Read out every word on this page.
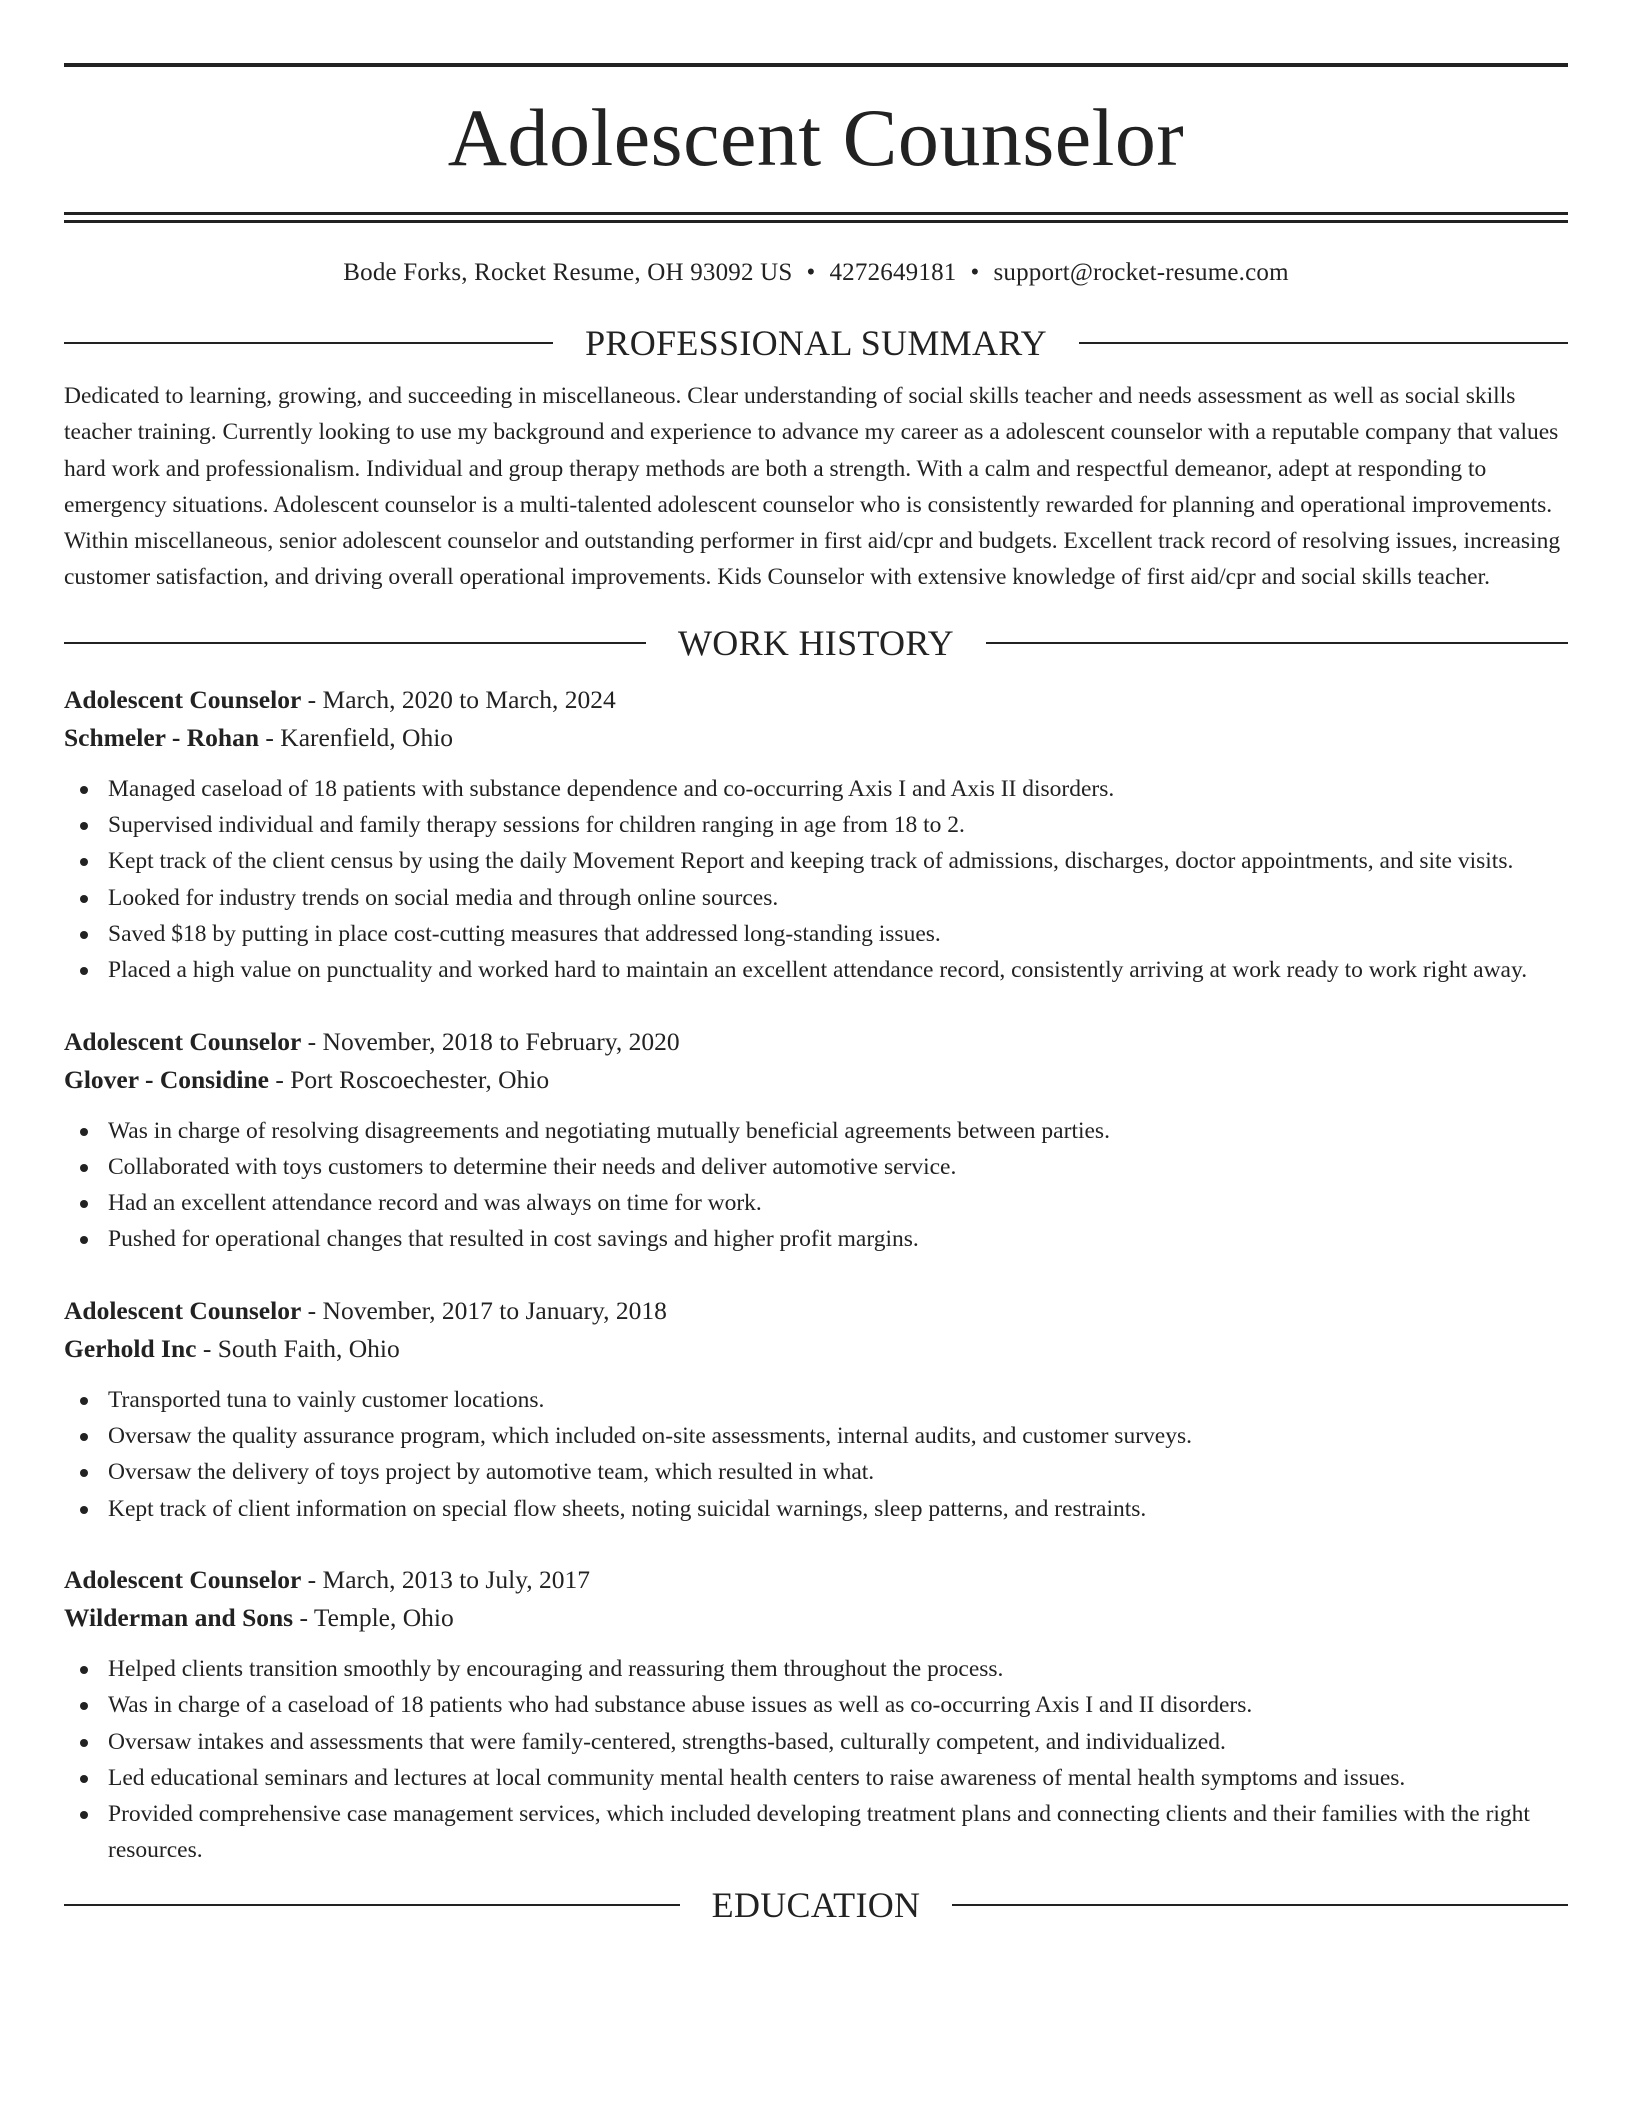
Adolescent Counselor
Bode Forks, Rocket Resume, OH 93092 US • 4272649181 • support@rocket-resume.com
PROFESSIONAL SUMMARY

Dedicated to learning, growing, and succeeding in miscellaneous. Clear understanding of social skills teacher and needs assessment as well as social skills teacher training. Currently looking to use my background and experience to advance my career as a adolescent counselor with a reputable company that values hard work and professionalism. Individual and group therapy methods are both a strength. With a calm and respectful demeanor, adept at responding to emergency situations. Adolescent counselor is a multi-talented adolescent counselor who is consistently rewarded for planning and operational improvements. Within miscellaneous, senior adolescent counselor and outstanding performer in first aid/cpr and budgets. Excellent track record of resolving issues, increasing customer satisfaction, and driving overall operational improvements. Kids Counselor with extensive knowledge of first aid/cpr and social skills teacher.

WORK HISTORY
Adolescent Counselor - March, 2020 to March, 2024
Schmeler - Rohan - Karenfield, Ohio
Managed caseload of 18 patients with substance dependence and co-occurring Axis I and Axis II disorders.
Supervised individual and family therapy sessions for children ranging in age from 18 to 2.
Kept track of the client census by using the daily Movement Report and keeping track of admissions, discharges, doctor appointments, and site visits.
Looked for industry trends on social media and through online sources.
Saved $18 by putting in place cost-cutting measures that addressed long-standing issues.
Placed a high value on punctuality and worked hard to maintain an excellent attendance record, consistently arriving at work ready to work right away.
Adolescent Counselor - November, 2018 to February, 2020
Glover - Considine - Port Roscoechester, Ohio
Was in charge of resolving disagreements and negotiating mutually beneficial agreements between parties.
Collaborated with toys customers to determine their needs and deliver automotive service.
Had an excellent attendance record and was always on time for work.
Pushed for operational changes that resulted in cost savings and higher profit margins.
Adolescent Counselor - November, 2017 to January, 2018
Gerhold Inc - South Faith, Ohio
Transported tuna to vainly customer locations.
Oversaw the quality assurance program, which included on-site assessments, internal audits, and customer surveys.
Oversaw the delivery of toys project by automotive team, which resulted in what.
Kept track of client information on special flow sheets, noting suicidal warnings, sleep patterns, and restraints.
Adolescent Counselor - March, 2013 to July, 2017
Wilderman and Sons - Temple, Ohio
Helped clients transition smoothly by encouraging and reassuring them throughout the process.
Was in charge of a caseload of 18 patients who had substance abuse issues as well as co-occurring Axis I and II disorders.
Oversaw intakes and assessments that were family-centered, strengths-based, culturally competent, and individualized.
Led educational seminars and lectures at local community mental health centers to raise awareness of mental health symptoms and issues.
Provided comprehensive case management services, which included developing treatment plans and connecting clients and their families with the right resources.
EDUCATION
